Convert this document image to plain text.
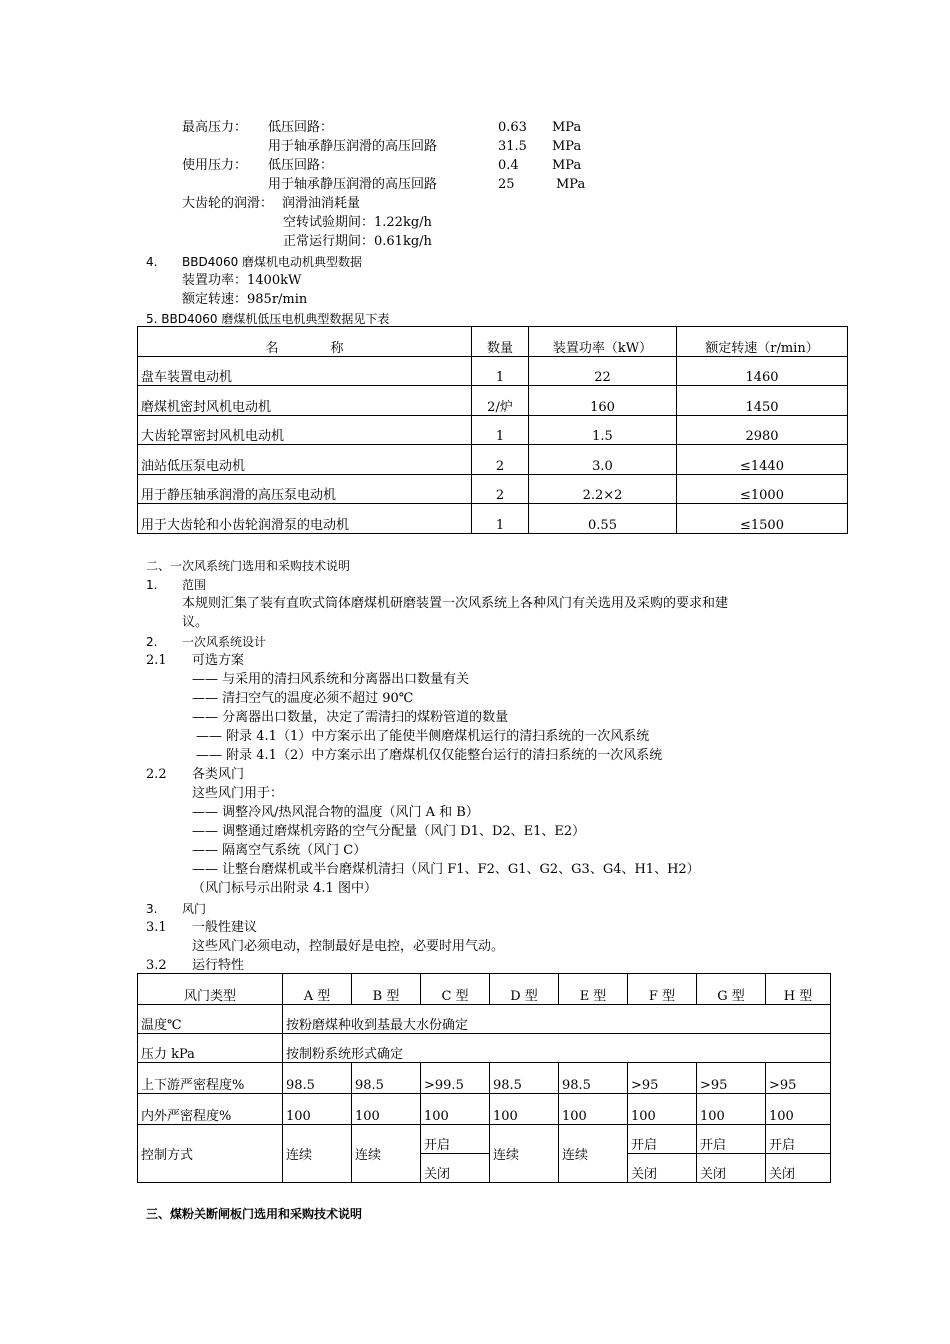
最高压力： 低压回路：	0.63 MPa
用于轴承静压润滑的高压回路	31.5 MPa
使用压力： 低压回路：	0.4	MPa
用于轴承静压润滑的高压回路	25	MPa
大齿轮的润滑： 润滑油消耗量
空转试验期间：1.22kg/h
正常运行期间：0.61kg/h
4. BBD4060 磨煤机电动机典型数据
装置功率：1400kW
额定转速：985r/min
5. BBD4060 磨煤机低压电机典型数据见下表
名　　　　称	数量	装置功率（kW）	额定转速（r/min）
盘车装置电动机	1	22	1460
磨煤机密封风机电动机	2/炉	160	1450
大齿轮罩密封风机电动机	1	1.5	2980
油站低压泵电动机	2	3.0	≤1440
用于静压轴承润滑的高压泵电动机	2	2.2×2	≤1000
用于大齿轮和小齿轮润滑泵的电动机	1	0.55	≤1500
二、一次风系统门选用和采购技术说明
1. 范围
本规则汇集了装有直吹式筒体磨煤机研磨装置一次风系统上各种风门有关选用及采购的要求和建
议。
2. 一次风系统设计
2.1 可选方案
—— 与采用的清扫风系统和分离器出口数量有关
—— 清扫空气的温度必须不超过 90℃
—— 分离器出口数量，决定了需清扫的煤粉管道的数量
—— 附录 4.1（1）中方案示出了能使半侧磨煤机运行的清扫系统的一次风系统
—— 附录 4.1（2）中方案示出了磨煤机仅仅能整台运行的清扫系统的一次风系统
2.2 各类风门
这些风门用于：
—— 调整冷风/热风混合物的温度（风门 A 和 B）
—— 调整通过磨煤机旁路的空气分配量（风门 D1、D2、E1、E2）
—— 隔离空气系统（风门 C）
—— 让整台磨煤机或半台磨煤机清扫（风门 F1、F2、G1、G2、G3、G4、H1、H2）
（风门标号示出附录 4.1 图中）
3. 风门
3.1 一般性建议
这些风门必须电动，控制最好是电控，必要时用气动。
3.2 运行特性
风门类型	A 型	B 型	C 型	D 型	E 型	F 型	G 型	H 型
温度℃	按粉磨煤种收到基最大水份确定							
压力 kPa	按制粉系统形式确定							
上下游严密程度%	98.5	98.5	>99.5	98.5	98.5	>95	>95	>95
内外严密程度%	100	100	100	100	100	100	100	100
控制方式	连续	连续	开启	连续	连续	开启	开启	开启
			关闭			关闭	关闭	关闭
三、煤粉关断闸板门选用和采购技术说明
